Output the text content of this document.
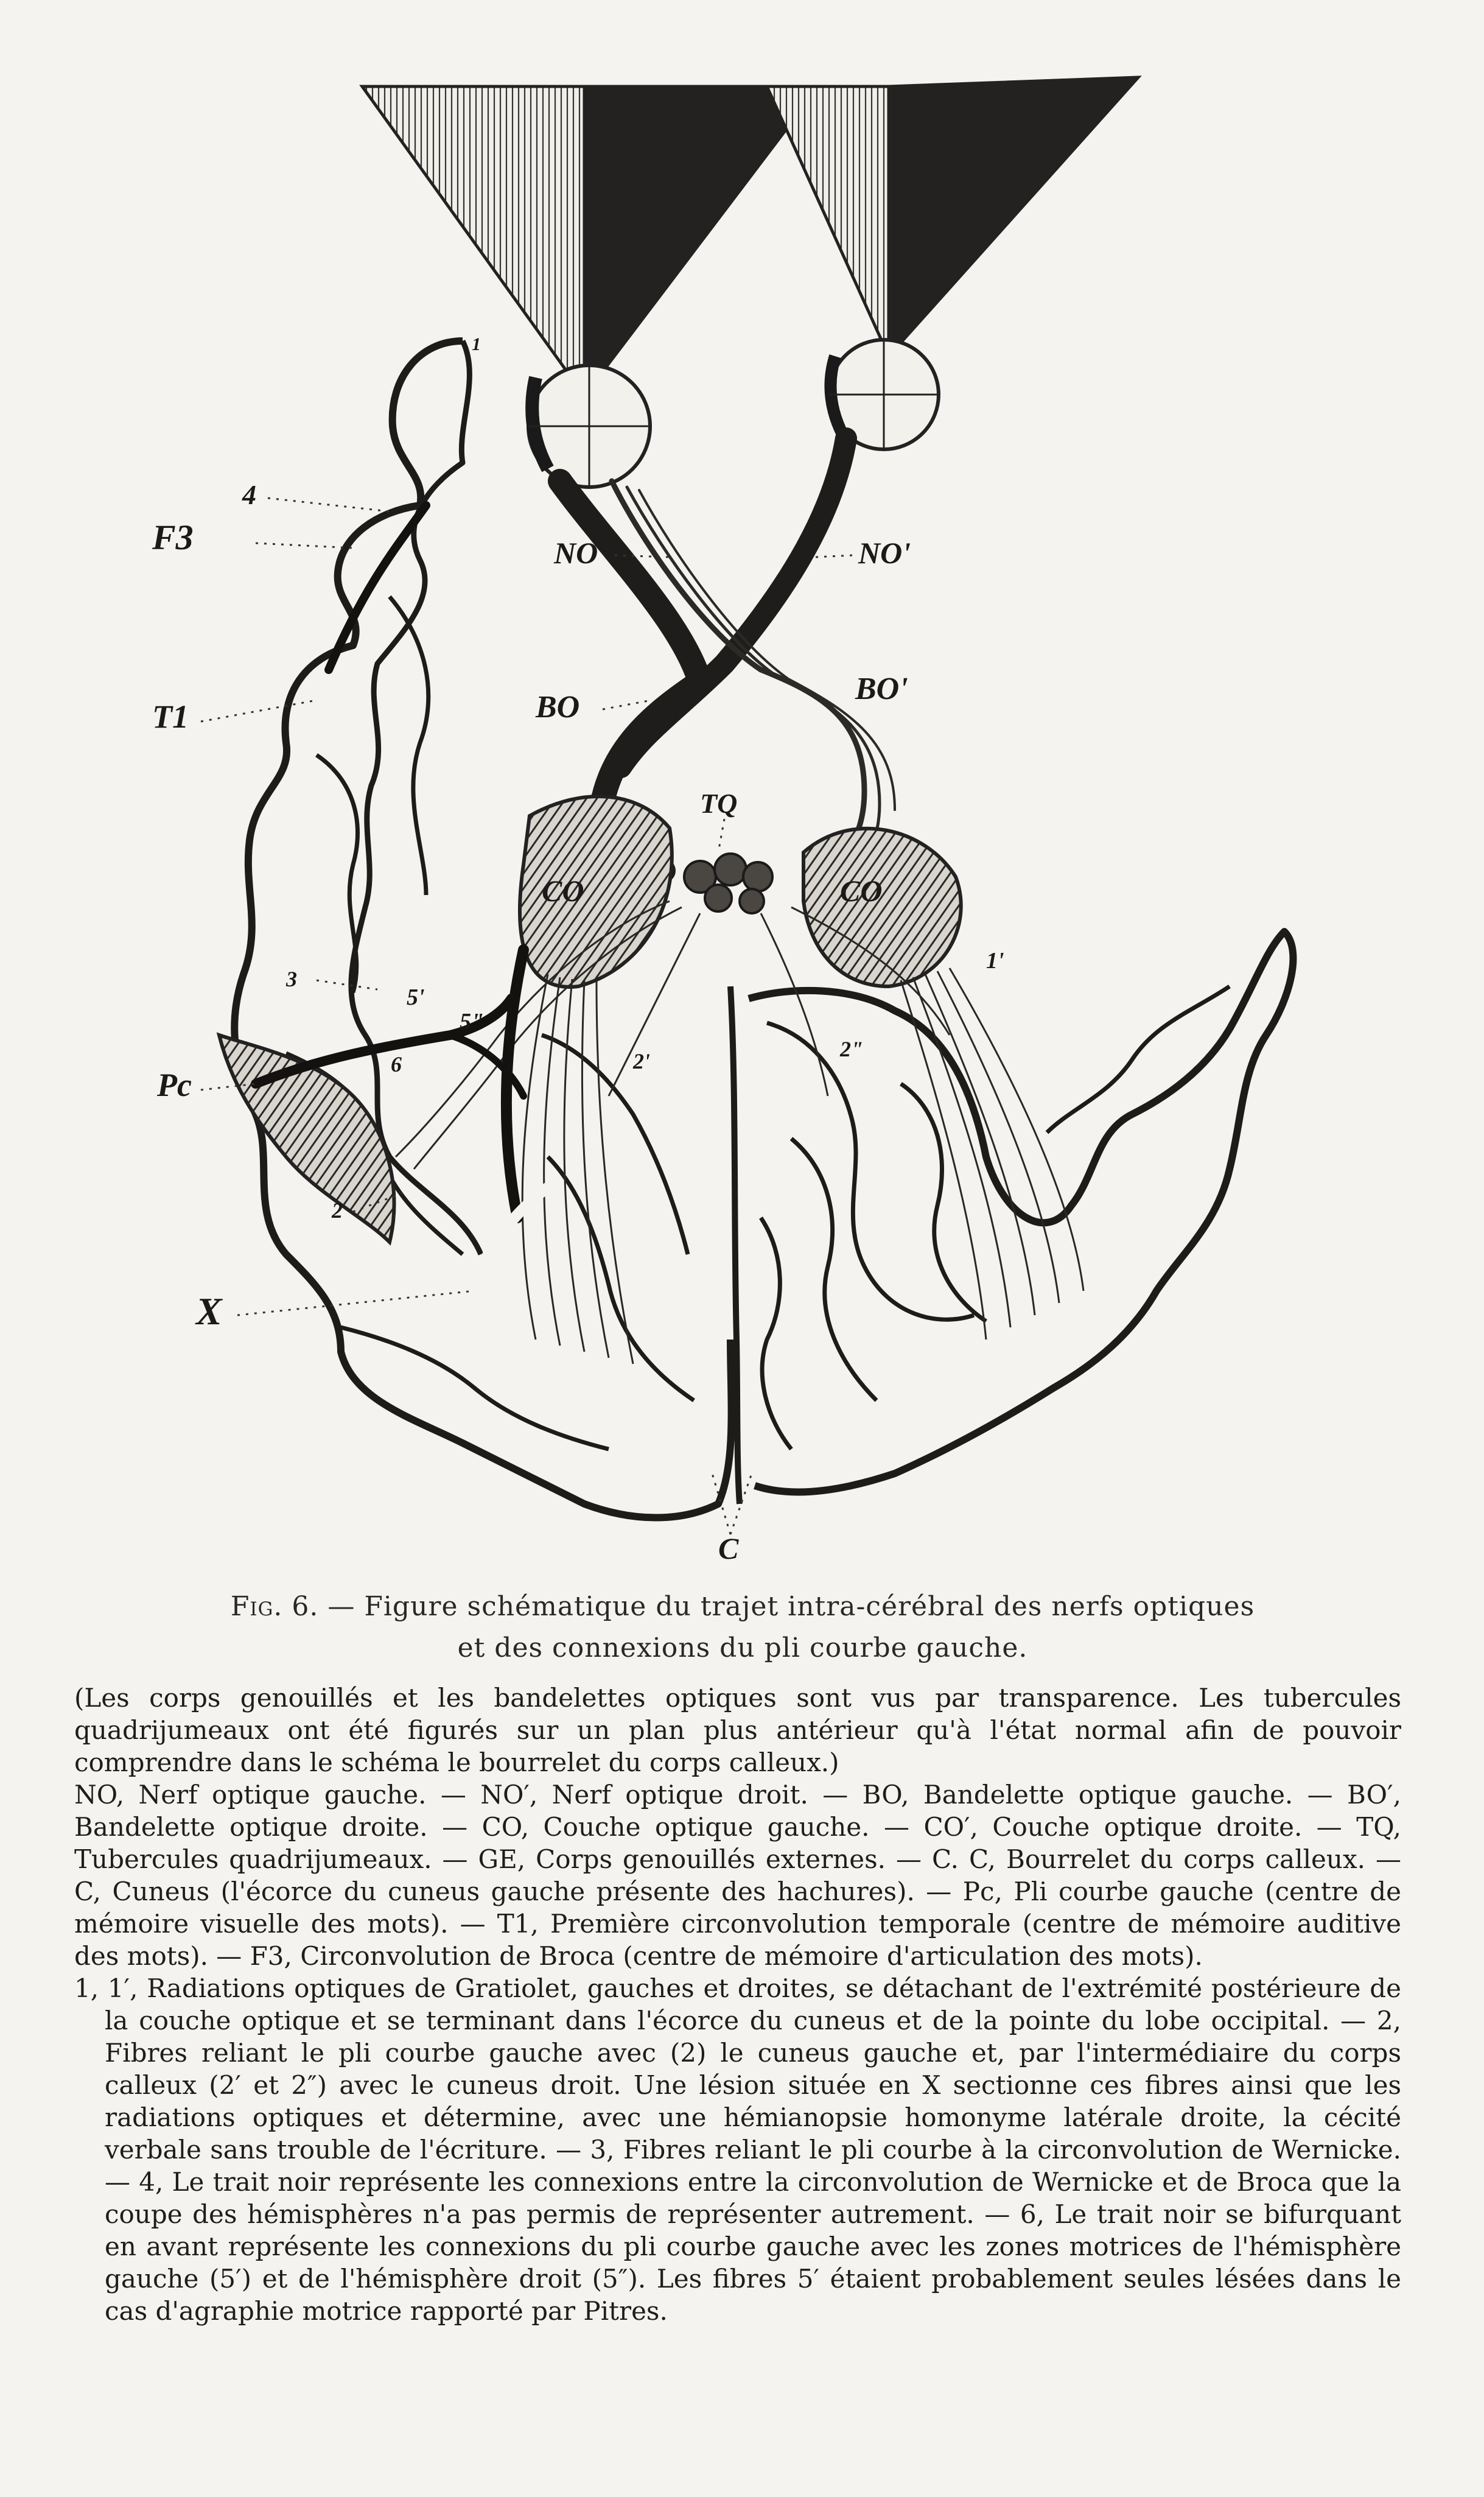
1
4
F3
T1
NO	NO'
BO
BO'
TQ
CO	CO
3
5'
5"
6
Pc
2
2'	2"
1'
X
C
Fig. 6. — Figure schématique du trajet intra-cérébral des nerfs optiques
et des connexions du pli courbe gauche.

(Les corps genouillés et les bandelettes optiques sont vus par transparence. Les tubercules quadrijumeaux ont été figurés sur un plan plus antérieur qu'à l'état normal afin de pouvoir comprendre dans le schéma le bourrelet du corps calleux.)

NO, Nerf optique gauche. — NO′, Nerf optique droit. — BO, Bandelette optique gauche. — BO′, Bandelette optique droite. — CO, Couche optique gauche. — CO′, Couche optique droite. — TQ, Tubercules quadrijumeaux. — GE, Corps genouillés externes. — C. C, Bourrelet du corps calleux. — C, Cuneus (l'écorce du cuneus gauche présente des hachures). — Pc, Pli courbe gauche (centre de mémoire visuelle des mots). — T1, Première circonvolution temporale (centre de mémoire auditive des mots). — F3, Circonvolution de Broca (centre de mémoire d'articulation des mots).

1, 1′, Radiations optiques de Gratiolet, gauches et droites, se détachant de l'extrémité postérieure de la couche optique et se terminant dans l'écorce du cuneus et de la pointe du lobe occipital. — 2, Fibres reliant le pli courbe gauche avec (2) le cuneus gauche et, par l'intermédiaire du corps calleux (2′ et 2″) avec le cuneus droit. Une lésion située en X sectionne ces fibres ainsi que les radiations optiques et détermine, avec une hémianopsie homonyme latérale droite, la cécité verbale sans trouble de l'écriture. — 3, Fibres reliant le pli courbe à la circonvolution de Wernicke. — 4, Le trait noir représente les connexions entre la circonvolution de Wernicke et de Broca que la coupe des hémisphères n'a pas permis de représenter autrement. — 6, Le trait noir se bifurquant en avant représente les connexions du pli courbe gauche avec les zones motrices de l'hémisphère gauche (5′) et de l'hémisphère droit (5″). Les fibres 5′ étaient probablement seules lésées dans le cas d'agraphie motrice rapporté par Pitres.
